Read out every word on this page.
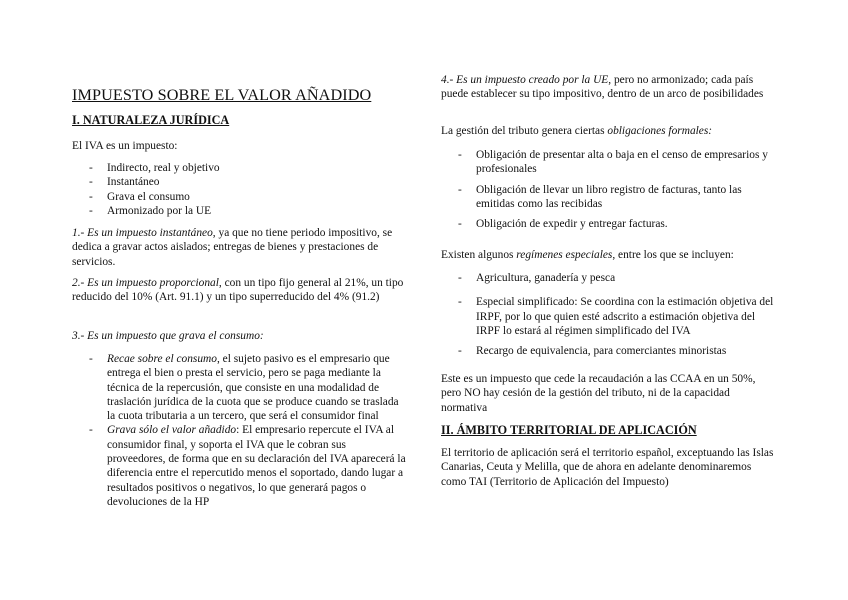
IMPUESTO SOBRE EL VALOR AÑADIDO
I. NATURALEZA JURÍDICA
El IVA es un impuesto:
- Indirecto, real y objetivo
- Instantáneo
- Grava el consumo
- Armonizado por la UE

1.- Es un impuesto instantáneo, ya que no tiene periodo impositivo, se dedica a gravar actos aislados; entregas de bienes y prestaciones de servicios.

2.- Es un impuesto proporcional, con un tipo fijo general al 21%, un tipo reducido del 10% (Art. 91.1) y un tipo superreducido del 4% (91.2)

3.- Es un impuesto que grava el consumo:

- Recae sobre el consumo, el sujeto pasivo es el empresario que entrega el bien o presta el servicio, pero se paga mediante la técnica de la repercusión, que consiste en una modalidad de traslación jurídica de la cuota que se produce cuando se traslada la cuota tributaria a un tercero, que será el consumidor final
- Grava sólo el valor añadido: El empresario repercute el IVA al consumidor final, y soporta el IVA que le cobran sus proveedores, de forma que en su declaración del IVA aparecerá la diferencia entre el repercutido menos el soportado, dando lugar a resultados positivos o negativos, lo que generará pagos o devoluciones de la HP

4.- Es un impuesto creado por la UE, pero no armonizado; cada país puede establecer su tipo impositivo, dentro de un arco de posibilidades

La gestión del tributo genera ciertas obligaciones formales:

- Obligación de presentar alta o baja en el censo de empresarios y profesionales
- Obligación de llevar un libro registro de facturas, tanto las emitidas como las recibidas
- Obligación de expedir y entregar facturas.

Existen algunos regímenes especiales, entre los que se incluyen:

- Agricultura, ganadería y pesca
- Especial simplificado: Se coordina con la estimación objetiva del IRPF, por lo que quien esté adscrito a estimación objetiva del IRPF lo estará al régimen simplificado del IVA
- Recargo de equivalencia, para comerciantes minoristas

Este es un impuesto que cede la recaudación a las CCAA en un 50%, pero NO hay cesión de la gestión del tributo, ni de la capacidad normativa

II. ÁMBITO TERRITORIAL DE APLICACIÓN

El territorio de aplicación será el territorio español, exceptuando las Islas Canarias, Ceuta y Melilla, que de ahora en adelante denominaremos como TAI (Territorio de Aplicación del Impuesto)
